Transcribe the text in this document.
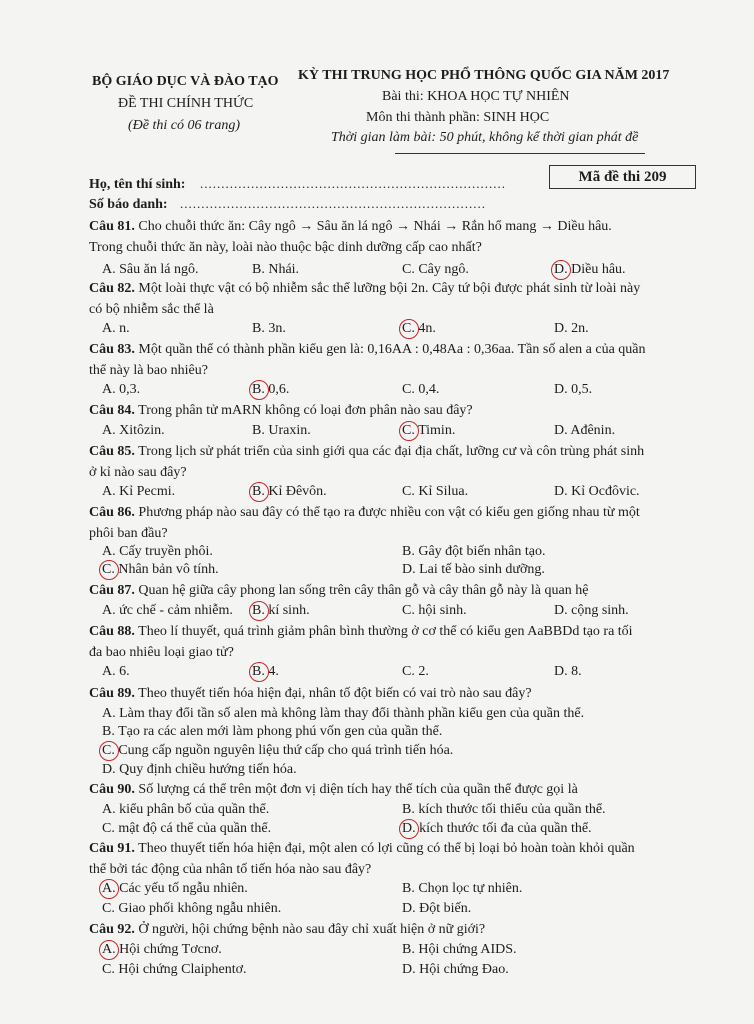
BỘ GIÁO DỤC VÀ ĐÀO TẠO
ĐỀ THI CHÍNH THỨC
(Đề thi có 06 trang)
KỲ THI TRUNG HỌC PHỔ THÔNG QUỐC GIA NĂM 2017
Bài thi: KHOA HỌC TỰ NHIÊN
Môn thi thành phần: SINH HỌC
Thời gian làm bài: 50 phút, không kể thời gian phát đề
Họ, tên thí sinh: ........................................................................
Số báo danh: ........................................................................
Mã đề thi 209
Câu 81. Cho chuỗi thức ăn: Cây ngô → Sâu ăn lá ngô → Nhái → Rắn hổ mang → Diều hâu.
Trong chuỗi thức ăn này, loài nào thuộc bậc dinh dưỡng cấp cao nhất?
A. Sâu ăn lá ngô.	B. Nhái.	C. Cây ngô.	D. Diều hâu.
Câu 82. Một loài thực vật có bộ nhiễm sắc thể lưỡng bội 2n. Cây tứ bội được phát sinh từ loài này
có bộ nhiễm sắc thể là
A. n.	B. 3n.	C. 4n.	D. 2n.
Câu 83. Một quần thể có thành phần kiểu gen là: 0,16AA : 0,48Aa : 0,36aa. Tần số alen a của quần
thể này là bao nhiêu?
A. 0,3.	B. 0,6.	C. 0,4.	D. 0,5.
Câu 84. Trong phân tử mARN không có loại đơn phân nào sau đây?
A. Xitôzin.	B. Uraxin.	C. Timin.	D. Ađênin.
Câu 85. Trong lịch sử phát triển của sinh giới qua các đại địa chất, lưỡng cư và côn trùng phát sinh
ở kỉ nào sau đây?
A. Kỉ Pecmi.	B. Kỉ Đêvôn.	C. Kỉ Silua.	D. Kỉ Ocđôvic.
Câu 86. Phương pháp nào sau đây có thể tạo ra được nhiều con vật có kiểu gen giống nhau từ một
phôi ban đầu?
A. Cấy truyền phôi.	B. Gây đột biến nhân tạo.
C. Nhân bản vô tính.	D. Lai tế bào sinh dưỡng.
Câu 87. Quan hệ giữa cây phong lan sống trên cây thân gỗ và cây thân gỗ này là quan hệ
A. ức chế - cảm nhiễm. B. kí sinh.	C. hội sinh.	D. cộng sinh.
Câu 88. Theo lí thuyết, quá trình giảm phân bình thường ở cơ thể có kiểu gen AaBBDd tạo ra tối
đa bao nhiêu loại giao tử?
A. 6.	B. 4.	C. 2.	D. 8.
Câu 89. Theo thuyết tiến hóa hiện đại, nhân tố đột biến có vai trò nào sau đây?
A. Làm thay đổi tần số alen mà không làm thay đổi thành phần kiểu gen của quần thể.
B. Tạo ra các alen mới làm phong phú vốn gen của quần thể.
C. Cung cấp nguồn nguyên liệu thứ cấp cho quá trình tiến hóa.
D. Quy định chiều hướng tiến hóa.
Câu 90. Số lượng cá thể trên một đơn vị diện tích hay thể tích của quần thể được gọi là
A. kiểu phân bố của quần thể.	B. kích thước tối thiểu của quần thể.
C. mật độ cá thể của quần thể.	D. kích thước tối đa của quần thể.
Câu 91. Theo thuyết tiến hóa hiện đại, một alen có lợi cũng có thể bị loại bỏ hoàn toàn khỏi quần
thể bởi tác động của nhân tố tiến hóa nào sau đây?
A. Các yếu tố ngẫu nhiên.	B. Chọn lọc tự nhiên.
C. Giao phối không ngẫu nhiên.	D. Đột biến.
Câu 92. Ở người, hội chứng bệnh nào sau đây chỉ xuất hiện ở nữ giới?
A. Hội chứng Tơcnơ.	B. Hội chứng AIDS.
C. Hội chứng Claiphentơ.	D. Hội chứng Đao.
